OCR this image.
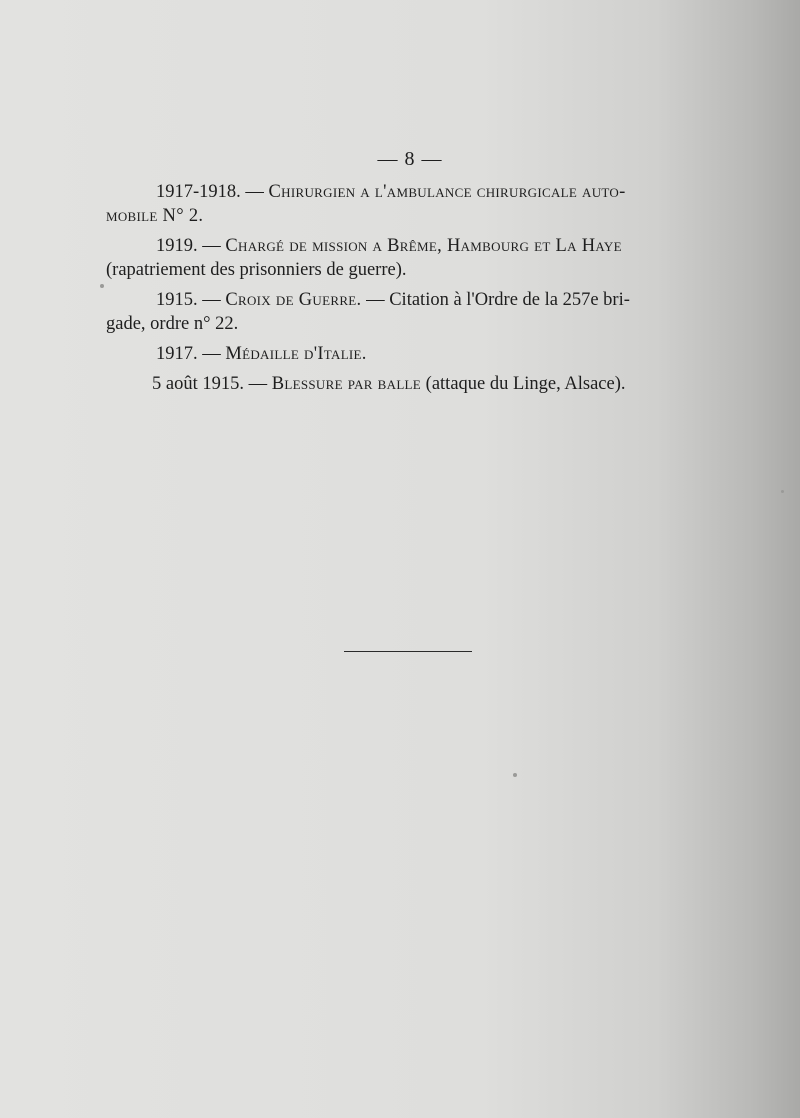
— 8 —
1917-1918. — Chirurgien a l'ambulance chirurgicale auto-
mobile N° 2.
1919. — Chargé de mission a Brême, Hambourg et La Haye
(rapatriement des prisonniers de guerre).
1915. — Croix de Guerre. — Citation à l'Ordre de la 257e bri-
gade, ordre n° 22.
1917. — Médaille d'Italie.
5 août 1915. — Blessure par balle (attaque du Linge, Alsace).
